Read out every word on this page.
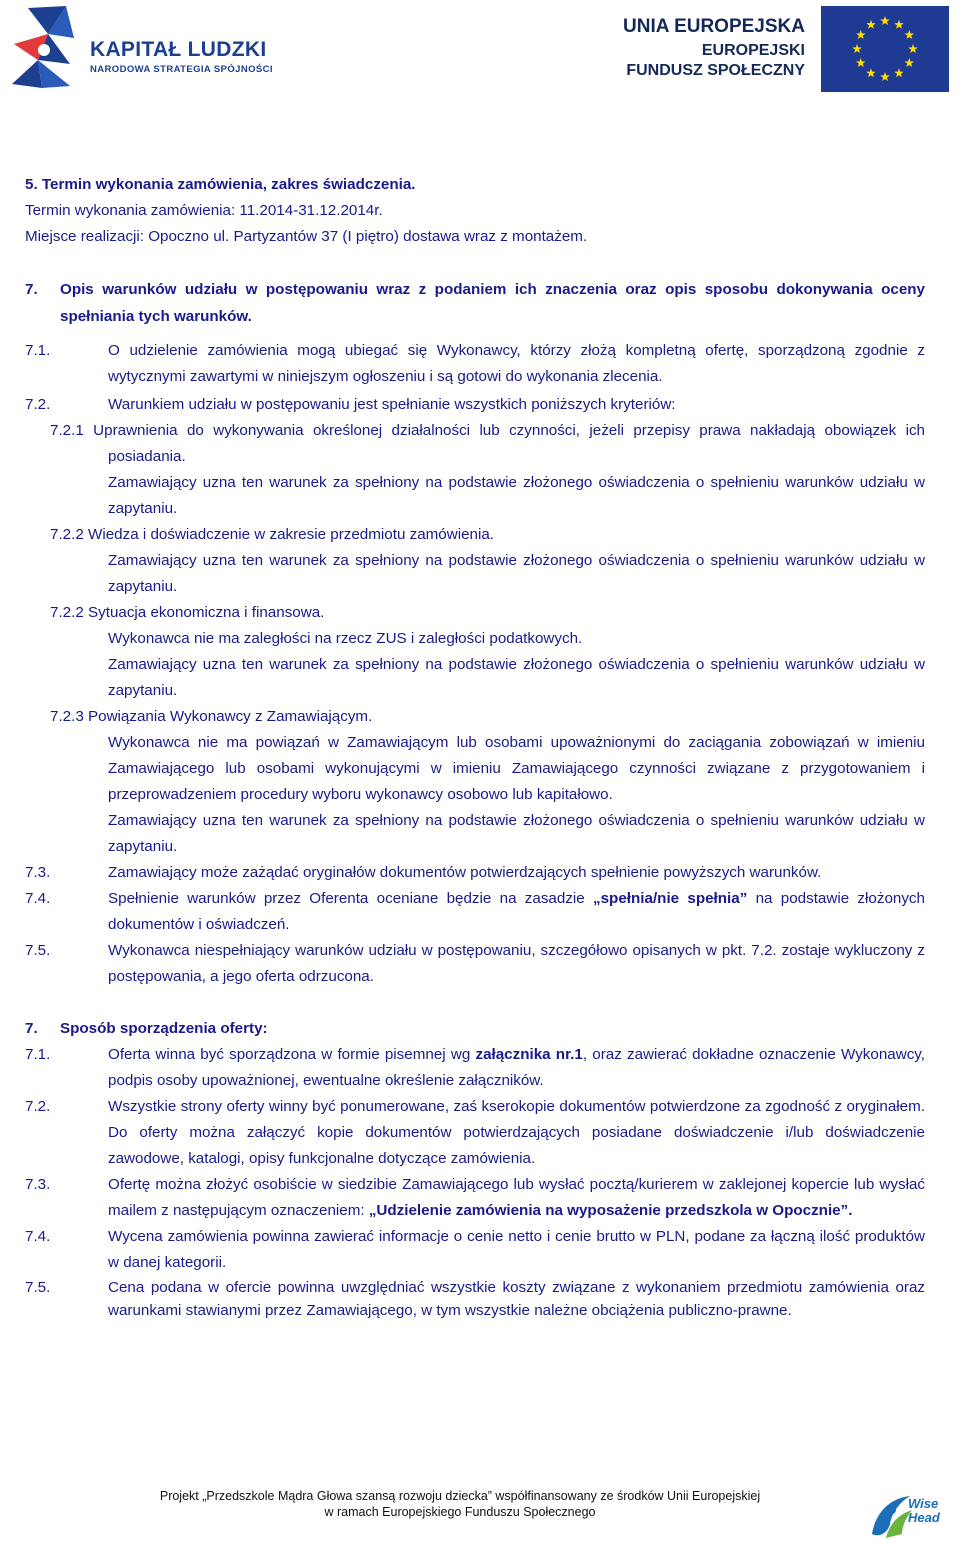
KAPITAŁ LUDZKI
NARODOWA STRATEGIA SPÓJNOŚCI
UNIA EUROPEJSKA
EUROPEJSKI
FUNDUSZ SPOŁECZNY
5. Termin wykonania zamówienia, zakres świadczenia.
Termin wykonania zamówienia: 11.2014-31.12.2014r.
Miejsce realizacji: Opoczno ul. Partyzantów 37 (I piętro) dostawa wraz z montażem.
7.	Opis warunków udziału w postępowaniu wraz z podaniem ich znaczenia oraz opis sposobu dokonywania oceny spełniania tych warunków.
7.1.	O udzielenie zamówienia mogą ubiegać się Wykonawcy, którzy złożą kompletną ofertę, sporządzoną zgodnie z wytycznymi zawartymi w niniejszym ogłoszeniu i są gotowi do wykonania zlecenia.
7.2.	Warunkiem udziału w postępowaniu jest spełnianie wszystkich poniższych kryteriów:
7.2.1 Uprawnienia do wykonywania określonej działalności lub czynności, jeżeli przepisy prawa nakładają obowiązek ich posiadania.
Zamawiający uzna ten warunek za spełniony na podstawie złożonego oświadczenia o spełnieniu warunków udziału w zapytaniu.
7.2.2 Wiedza i doświadczenie w zakresie przedmiotu zamówienia.
Zamawiający uzna ten warunek za spełniony na podstawie złożonego oświadczenia o spełnieniu warunków udziału w zapytaniu.
7.2.2 Sytuacja ekonomiczna i finansowa.
Wykonawca nie ma zaległości na rzecz ZUS i zaległości podatkowych.
Zamawiający uzna ten warunek za spełniony na podstawie złożonego oświadczenia o spełnieniu warunków udziału w zapytaniu.
7.2.3 Powiązania Wykonawcy z Zamawiającym.
Wykonawca nie ma powiązań w Zamawiającym lub osobami upoważnionymi do zaciągania zobowiązań w imieniu Zamawiającego lub osobami wykonującymi w imieniu Zamawiającego czynności związane z przygotowaniem i przeprowadzeniem procedury wyboru wykonawcy osobowo lub kapitałowo.
Zamawiający uzna ten warunek za spełniony na podstawie złożonego oświadczenia o spełnieniu warunków udziału w zapytaniu.
7.3.	Zamawiający może zażądać oryginałów dokumentów potwierdzających spełnienie powyższych warunków.
7.4.	Spełnienie warunków przez Oferenta oceniane będzie na zasadzie „spełnia/nie spełnia” na podstawie złożonych dokumentów i oświadczeń.
7.5.	Wykonawca niespełniający warunków udziału w postępowaniu, szczegółowo opisanych w pkt. 7.2. zostaje wykluczony z postępowania, a jego oferta odrzucona.
7.	Sposób sporządzenia oferty:
7.1.	Oferta winna być sporządzona w formie pisemnej wg załącznika nr.1, oraz zawierać dokładne oznaczenie Wykonawcy, podpis osoby upoważnionej, ewentualne określenie załączników.
7.2.	Wszystkie strony oferty winny być ponumerowane, zaś kserokopie dokumentów potwierdzone za zgodność z oryginałem. Do oferty można załączyć kopie dokumentów potwierdzających posiadane doświadczenie i/lub doświadczenie zawodowe, katalogi, opisy funkcjonalne dotyczące zamówienia.
7.3.	Ofertę można złożyć osobiście w siedzibie Zamawiającego lub wysłać pocztą/kurierem w zaklejonej kopercie lub wysłać mailem z następującym oznaczeniem: „Udzielenie zamówienia na wyposażenie przedszkola w Opocznie”.
7.4.	Wycena zamówienia powinna zawierać informacje o cenie netto i cenie brutto w PLN, podane za łączną ilość produktów w danej kategorii.
7.5.	Cena podana w ofercie powinna uwzględniać wszystkie koszty związane z wykonaniem przedmiotu zamówienia oraz warunkami stawianymi przez Zamawiającego, w tym wszystkie należne obciążenia publiczno-prawne.
Projekt „Przedszkole Mądra Głowa szansą rozwoju dziecka” współfinansowany ze środków Unii Europejskiej
w ramach Europejskiego Funduszu Społecznego
Wise
Head
